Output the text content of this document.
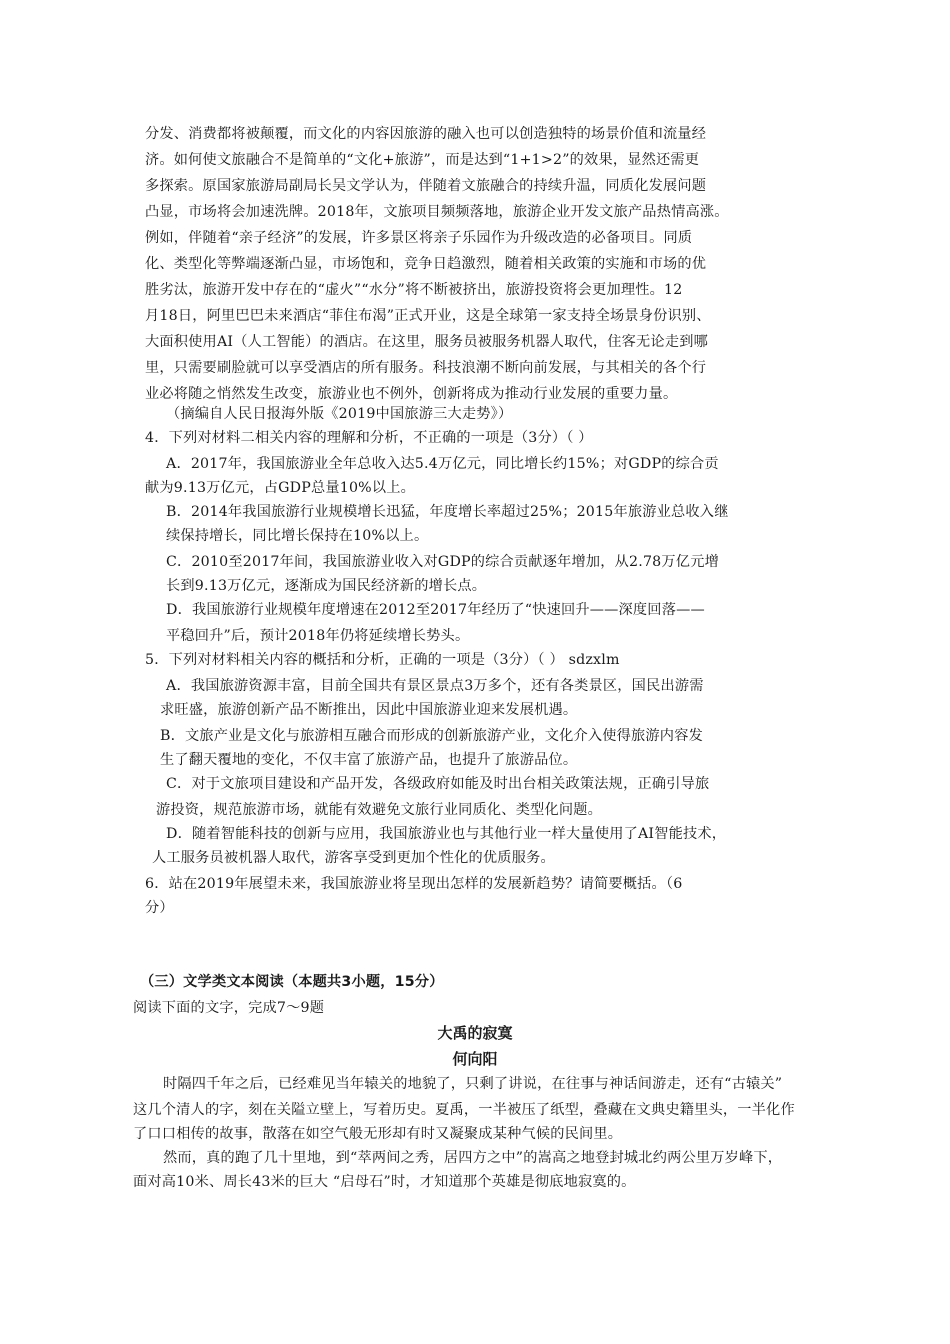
分发、消费都将被颠覆，而文化的内容因旅游的融入也可以创造独特的场景价值和流量经
济。如何使文旅融合不是简单的“文化+旅游”，而是达到“1+1>2”的效果，显然还需更
多探索。原国家旅游局副局长吴文学认为，伴随着文旅融合的持续升温，同质化发展问题
凸显，市场将会加速洗牌。2018年，文旅项目频频落地，旅游企业开发文旅产品热情高涨。
例如，伴随着“亲子经济”的发展，许多景区将亲子乐园作为升级改造的必备项目。同质
化、类型化等弊端逐渐凸显，市场饱和，竞争日趋激烈，随着相关政策的实施和市场的优
胜劣汰，旅游开发中存在的“虚火”“水分”将不断被挤出，旅游投资将会更加理性。12
月18日，阿里巴巴未来酒店“菲住布渴”正式开业，这是全球第一家支持全场景身份识别、
大面积使用AI（人工智能）的酒店。在这里，服务员被服务机器人取代，住客无论走到哪
里，只需要刷脸就可以享受酒店的所有服务。科技浪潮不断向前发展，与其相关的各个行
业必将随之悄然发生改变，旅游业也不例外，创新将成为推动行业发展的重要力量。
（摘编自人民日报海外版《2019中国旅游三大走势》）
4．下列对材料二相关内容的理解和分析，不正确的一项是（3分）（ ）
A．2017年，我国旅游业全年总收入达5.4万亿元，同比增长约15%；对GDP的综合贡
献为9.13万亿元，占GDP总量10%以上。
B．2014年我国旅游行业规模增长迅猛，年度增长率超过25%；2015年旅游业总收入继
续保持增长，同比增长保持在10%以上。
C．2010至2017年间，我国旅游业收入对GDP的综合贡献逐年增加，从2.78万亿元增
长到9.13万亿元，逐渐成为国民经济新的增长点。
D．我国旅游行业规模年度增速在2012至2017年经历了“快速回升——深度回落——
平稳回升”后，预计2018年仍将延续增长势头。
5．下列对材料相关内容的概括和分析，正确的一项是（3分）（ ） sdzxlm
A．我国旅游资源丰富，目前全国共有景区景点3万多个，还有各类景区，国民出游需
求旺盛，旅游创新产品不断推出，因此中国旅游业迎来发展机遇。
B．文旅产业是文化与旅游相互融合而形成的创新旅游产业，文化介入使得旅游内容发
生了翻天覆地的变化，不仅丰富了旅游产品，也提升了旅游品位。
C．对于文旅项目建设和产品开发，各级政府如能及时出台相关政策法规，正确引导旅
游投资，规范旅游市场，就能有效避免文旅行业同质化、类型化问题。
D．随着智能科技的创新与应用，我国旅游业也与其他行业一样大量使用了AI智能技术，
人工服务员被机器人取代，游客享受到更加个性化的优质服务。
6．站在2019年展望未来，我国旅游业将呈现出怎样的发展新趋势？请简要概括。（6
分）
（三）文学类文本阅读（本题共3小题，15分）
阅读下面的文字，完成7～9题
大禹的寂寞
何向阳
时隔四千年之后，已经难见当年辕关的地貌了，只剩了讲说，在往事与神话间游走，还有“古辕关”
这几个清人的字，刻在关隘立壁上，写着历史。夏禹，一半被压了纸型，叠藏在文典史籍里头，一半化作
了口口相传的故事，散落在如空气般无形却有时又凝聚成某种气候的民间里。
然而，真的跑了几十里地，到“萃两间之秀，居四方之中”的嵩高之地登封城北约两公里万岁峰下，
面对高10米、周长43米的巨大 “启母石”时，才知道那个英雄是彻底地寂寞的。
